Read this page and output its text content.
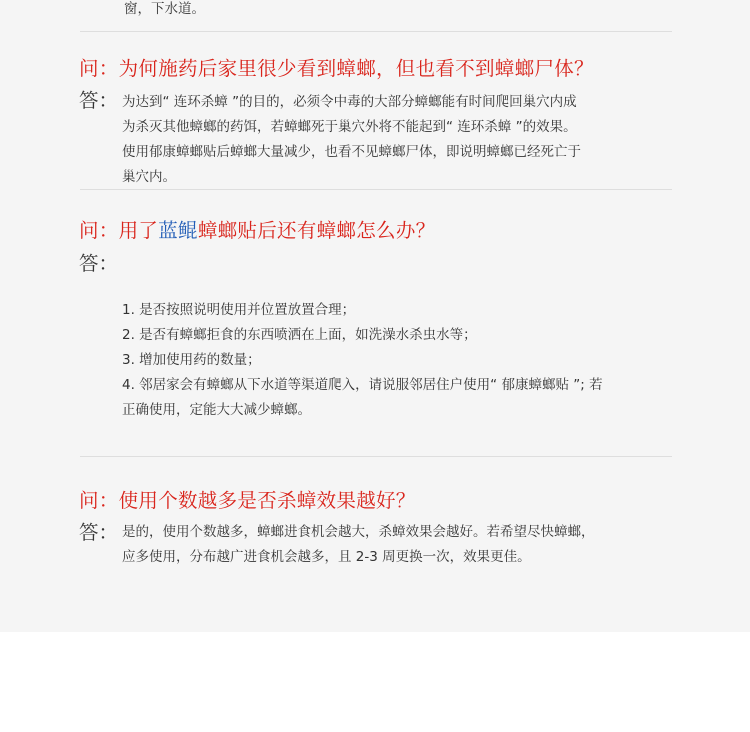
窗，下水道。
问：为何施药后家里很少看到蟑螂，但也看不到蟑螂尸体？
答： 为达到“ 连环杀蟑 ”的目的，必须令中毒的大部分蟑螂能有时间爬回巢穴内成

为杀灭其他蟑螂的药饵，若蟑螂死于巢穴外将不能起到“ 连环杀蟑 ”的效果。

使用郁康蟑螂贴后蟑螂大量减少，也看不见蟑螂尸体，即说明蟑螂已经死亡于

巢穴内。

问：用了蓝鲲蟑螂贴后还有蟑螂怎么办？
答：

1. 是否按照说明使用并位置放置合理；

2. 是否有蟑螂拒食的东西喷洒在上面，如洗澡水杀虫水等；

3. 增加使用药的数量；

4. 邻居家会有蟑螂从下水道等渠道爬入，请说服邻居住户使用“ 郁康蟑螂贴 ”; 若

正确使用，定能大大减少蟑螂。

问：使用个数越多是否杀蟑效果越好？
答： 是的，使用个数越多，蟑螂进食机会越大，杀蟑效果会越好。若希望尽快蟑螂，

应多使用，分布越广进食机会越多，且 2-3 周更换一次，效果更佳。
